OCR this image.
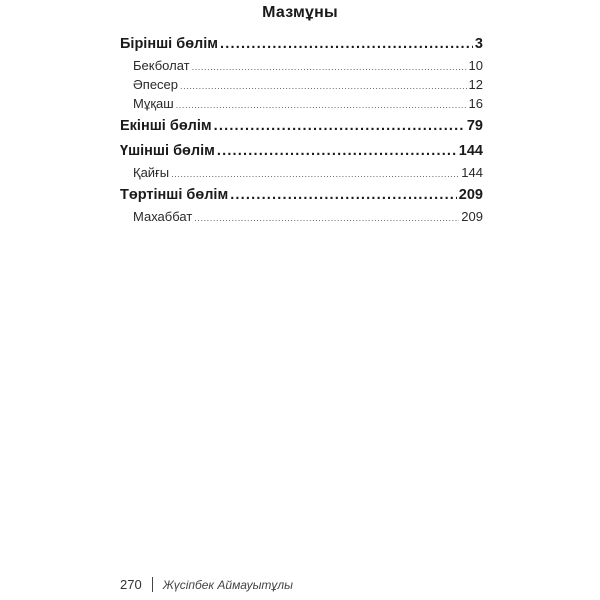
Мазмұны
Бірінші бөлім .....	3
Бекболат .....	10
Әпесер .....	12
Мұқаш .....	16
Екінші бөлім .....	79
Үшінші бөлім .....	144
Қайғы .....	144
Төртінші бөлім .....	209
Махаббат .....	209
270 Жүсіпбек Аймауытұлы
